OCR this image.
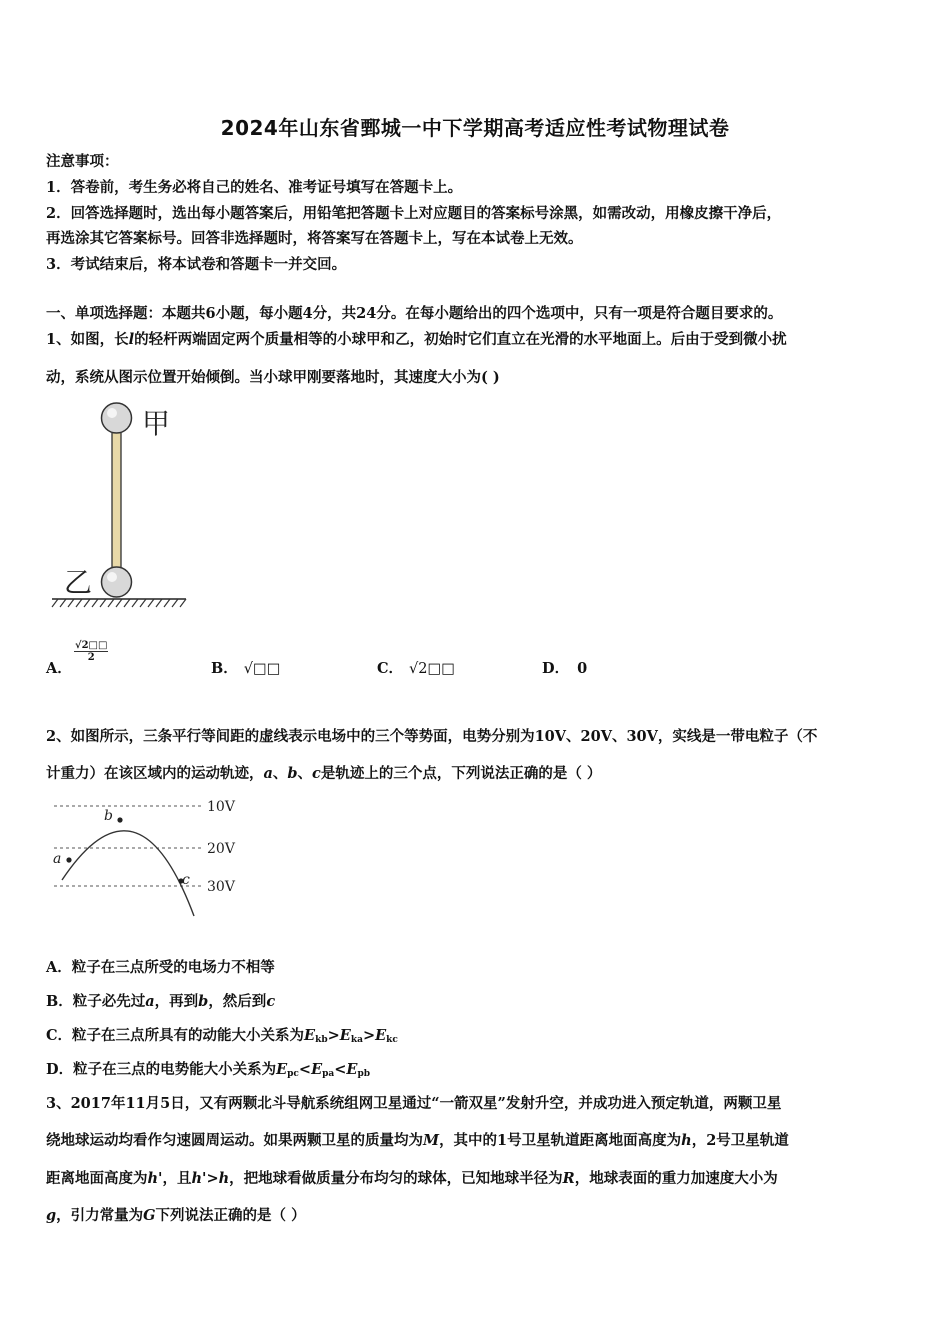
2024年山东省鄄城一中下学期高考适应性考试物理试卷
注意事项：
1．答卷前，考生务必将自己的姓名、准考证号填写在答题卡上。
2．回答选择题时，选出每小题答案后，用铅笔把答题卡上对应题目的答案标号涂黑，如需改动，用橡皮擦干净后，
再选涂其它答案标号。回答非选择题时，将答案写在答题卡上，写在本试卷上无效。
3．考试结束后，将本试卷和答题卡一并交回。
一、单项选择题：本题共6小题，每小题4分，共24分。在每小题给出的四个选项中，只有一项是符合题目要求的。
1、如图，长l的轻杆两端固定两个质量相等的小球甲和乙，初始时它们直立在光滑的水平地面上。后由于受到微小扰
动，系统从图示位置开始倾倒。当小球甲刚要落地时，其速度大小为( )
甲
乙
A．
√2□□
2
B． √□□	C． √2□□	D． 0
2、如图所示，三条平行等间距的虚线表示电场中的三个等势面，电势分别为10V、20V、30V，实线是一带电粒子（不
计重力）在该区域内的运动轨迹，a、b、c是轨迹上的三个点，下列说法正确的是（ ）
a
b
c
10V
20V
30V
A．粒子在三点所受的电场力不相等
B．粒子必先过a，再到b，然后到c
C．粒子在三点所具有的动能大小关系为$E_{kb}>E_{ka}>E_{kc}$
D．粒子在三点的电势能大小关系为$E_{pc}<E_{pa}<E_{pb}$
3、2017年11月5日，又有两颗北斗导航系统组网卫星通过“一箭双星”发射升空，并成功进入预定轨道，两颗卫星
绕地球运动均看作匀速圆周运动。如果两颗卫星的质量均为M，其中的1号卫星轨道距离地面高度为h，2号卫星轨道
距离地面高度为h'，且h'>h，把地球看做质量分布均匀的球体，已知地球半径为R，地球表面的重力加速度大小为
g，引力常量为G下列说法正确的是（ ）
